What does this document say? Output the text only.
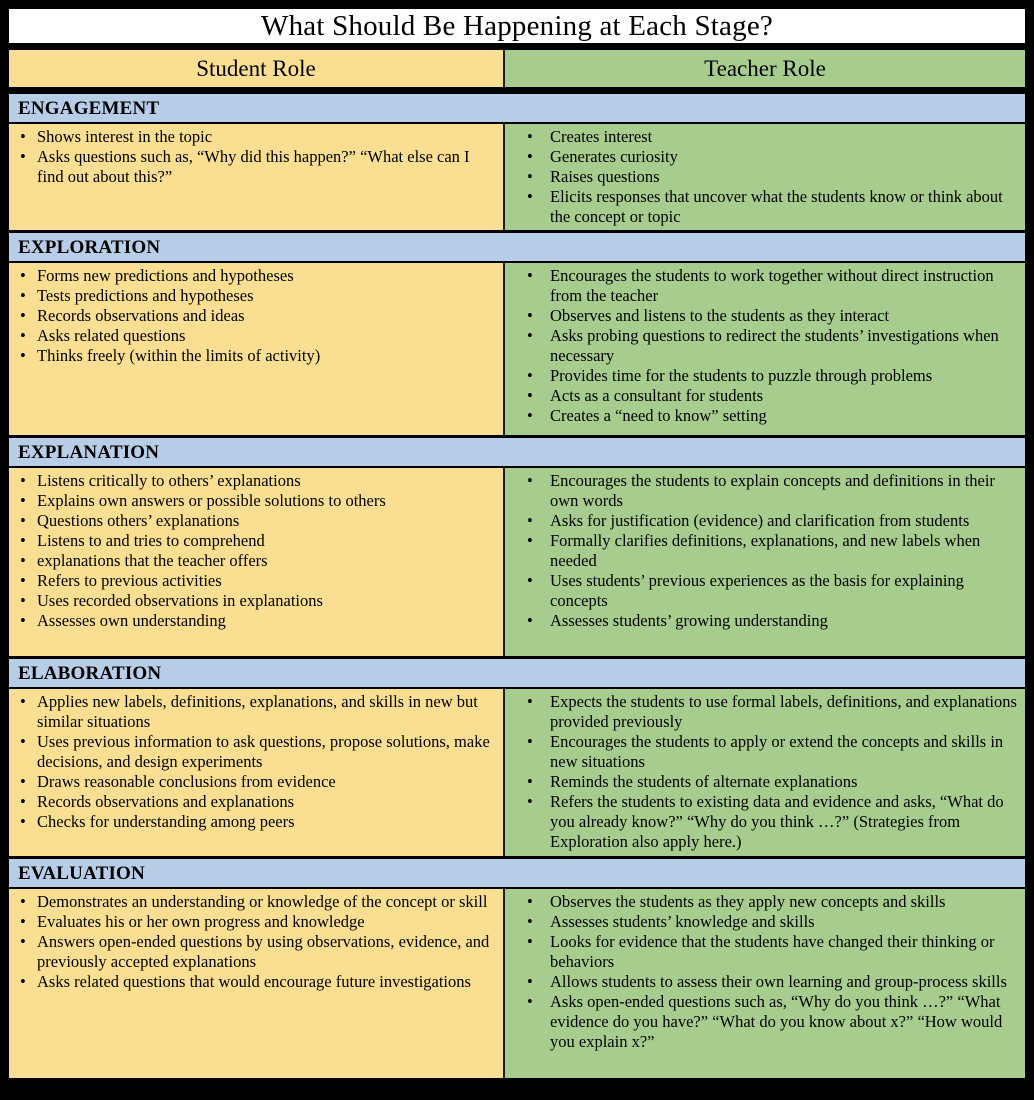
What Should Be Happening at Each Stage?
Student Role	Teacher Role
ENGAGEMENT
• Shows interest in the topic
• Asks questions such as, “Why did this happen?” “What else can I find out about this?”
• Creates interest
• Generates curiosity
• Raises questions
• Elicits responses that uncover what the students know or think about the concept or topic
EXPLORATION
• Forms new predictions and hypotheses
• Tests predictions and hypotheses
• Records observations and ideas
• Asks related questions
• Thinks freely (within the limits of activity)
• Encourages the students to work together without direct instruction from the teacher
• Observes and listens to the students as they interact
• Asks probing questions to redirect the students’ investigations when necessary
• Provides time for the students to puzzle through problems
• Acts as a consultant for students
• Creates a “need to know” setting
EXPLANATION
• Listens critically to others’ explanations
• Explains own answers or possible solutions to others
• Questions others’ explanations
• Listens to and tries to comprehend
• explanations that the teacher offers
• Refers to previous activities
• Uses recorded observations in explanations
• Assesses own understanding
• Encourages the students to explain concepts and definitions in their own words
• Asks for justification (evidence) and clarification from students
• Formally clarifies definitions, explanations, and new labels when needed
• Uses students’ previous experiences as the basis for explaining concepts
• Assesses students’ growing understanding
ELABORATION
• Applies new labels, definitions, explanations, and skills in new but similar situations
• Uses previous information to ask questions, propose solutions, make decisions, and design experiments
• Draws reasonable conclusions from evidence
• Records observations and explanations
• Checks for understanding among peers
• Expects the students to use formal labels, definitions, and explanations provided previously
• Encourages the students to apply or extend the concepts and skills in new situations
• Reminds the students of alternate explanations
• Refers the students to existing data and evidence and asks, “What do you already know?” “Why do you think …?” (Strategies from Exploration also apply here.)
EVALUATION
• Demonstrates an understanding or knowledge of the concept or skill
• Evaluates his or her own progress and knowledge
• Answers open-ended questions by using observations, evidence, and previously accepted explanations
• Asks related questions that would encourage future investigations
• Observes the students as they apply new concepts and skills
• Assesses students’ knowledge and skills
• Looks for evidence that the students have changed their thinking or behaviors
• Allows students to assess their own learning and group-process skills
• Asks open-ended questions such as, “Why do you think …?” “What evidence do you have?” “What do you know about x?” “How would you explain x?”
